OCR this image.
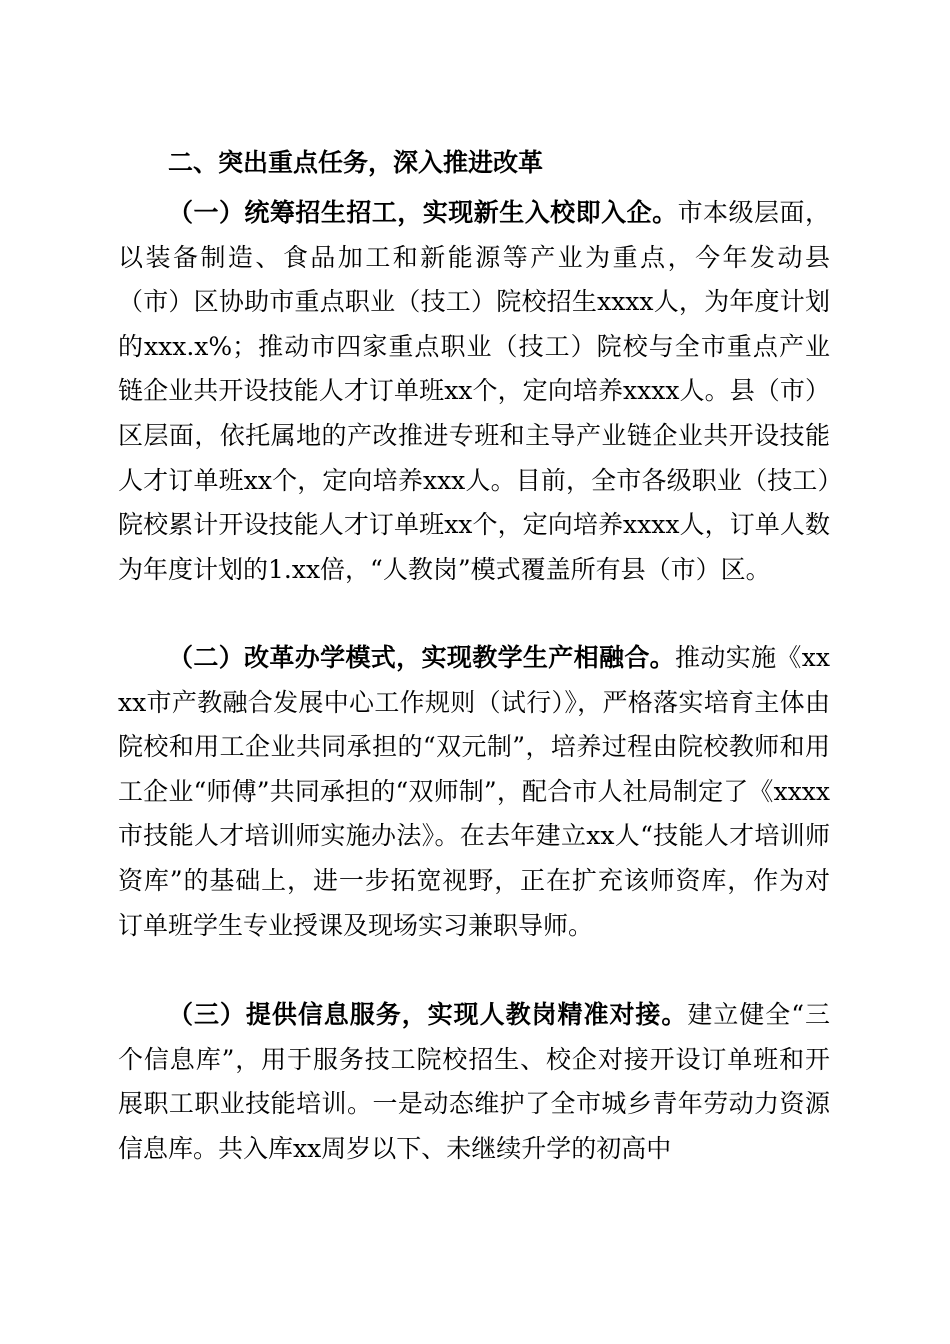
二、突出重点任务，深入推进改革

（一）统筹招生招工，实现新生入校即入企。市本级层面，以装备制造、食品加工和新能源等产业为重点，今年发动县（市）区协助市重点职业（技工）院校招生xxxx人，为年度计划的xxx.x%；推动市四家重点职业（技工）院校与全市重点产业链企业共开设技能人才订单班xx个，定向培养xxxx人。县（市）区层面，依托属地的产改推进专班和主导产业链企业共开设技能人才订单班xx个，定向培养xxx人。目前，全市各级职业（技工）院校累计开设技能人才订单班xx个，定向培养xxxx人，订单人数为年度计划的1.xx倍，“人教岗”模式覆盖所有县（市）区。

（二）改革办学模式，实现教学生产相融合。推动实施《xxxx市产教融合发展中心工作规则（试行）》，严格落实培育主体由院校和用工企业共同承担的“双元制”，培养过程由院校教师和用工企业“师傅”共同承担的“双师制”，配合市人社局制定了《xxxx市技能人才培训师实施办法》。在去年建立xx人“技能人才培训师资库”的基础上，进一步拓宽视野，正在扩充该师资库，作为对订单班学生专业授课及现场实习兼职导师。

（三）提供信息服务，实现人教岗精准对接。建立健全“三个信息库”，用于服务技工院校招生、校企对接开设订单班和开展职工职业技能培训。一是动态维护了全市城乡青年劳动力资源信息库。共入库xx周岁以下、未继续升学的初高中
